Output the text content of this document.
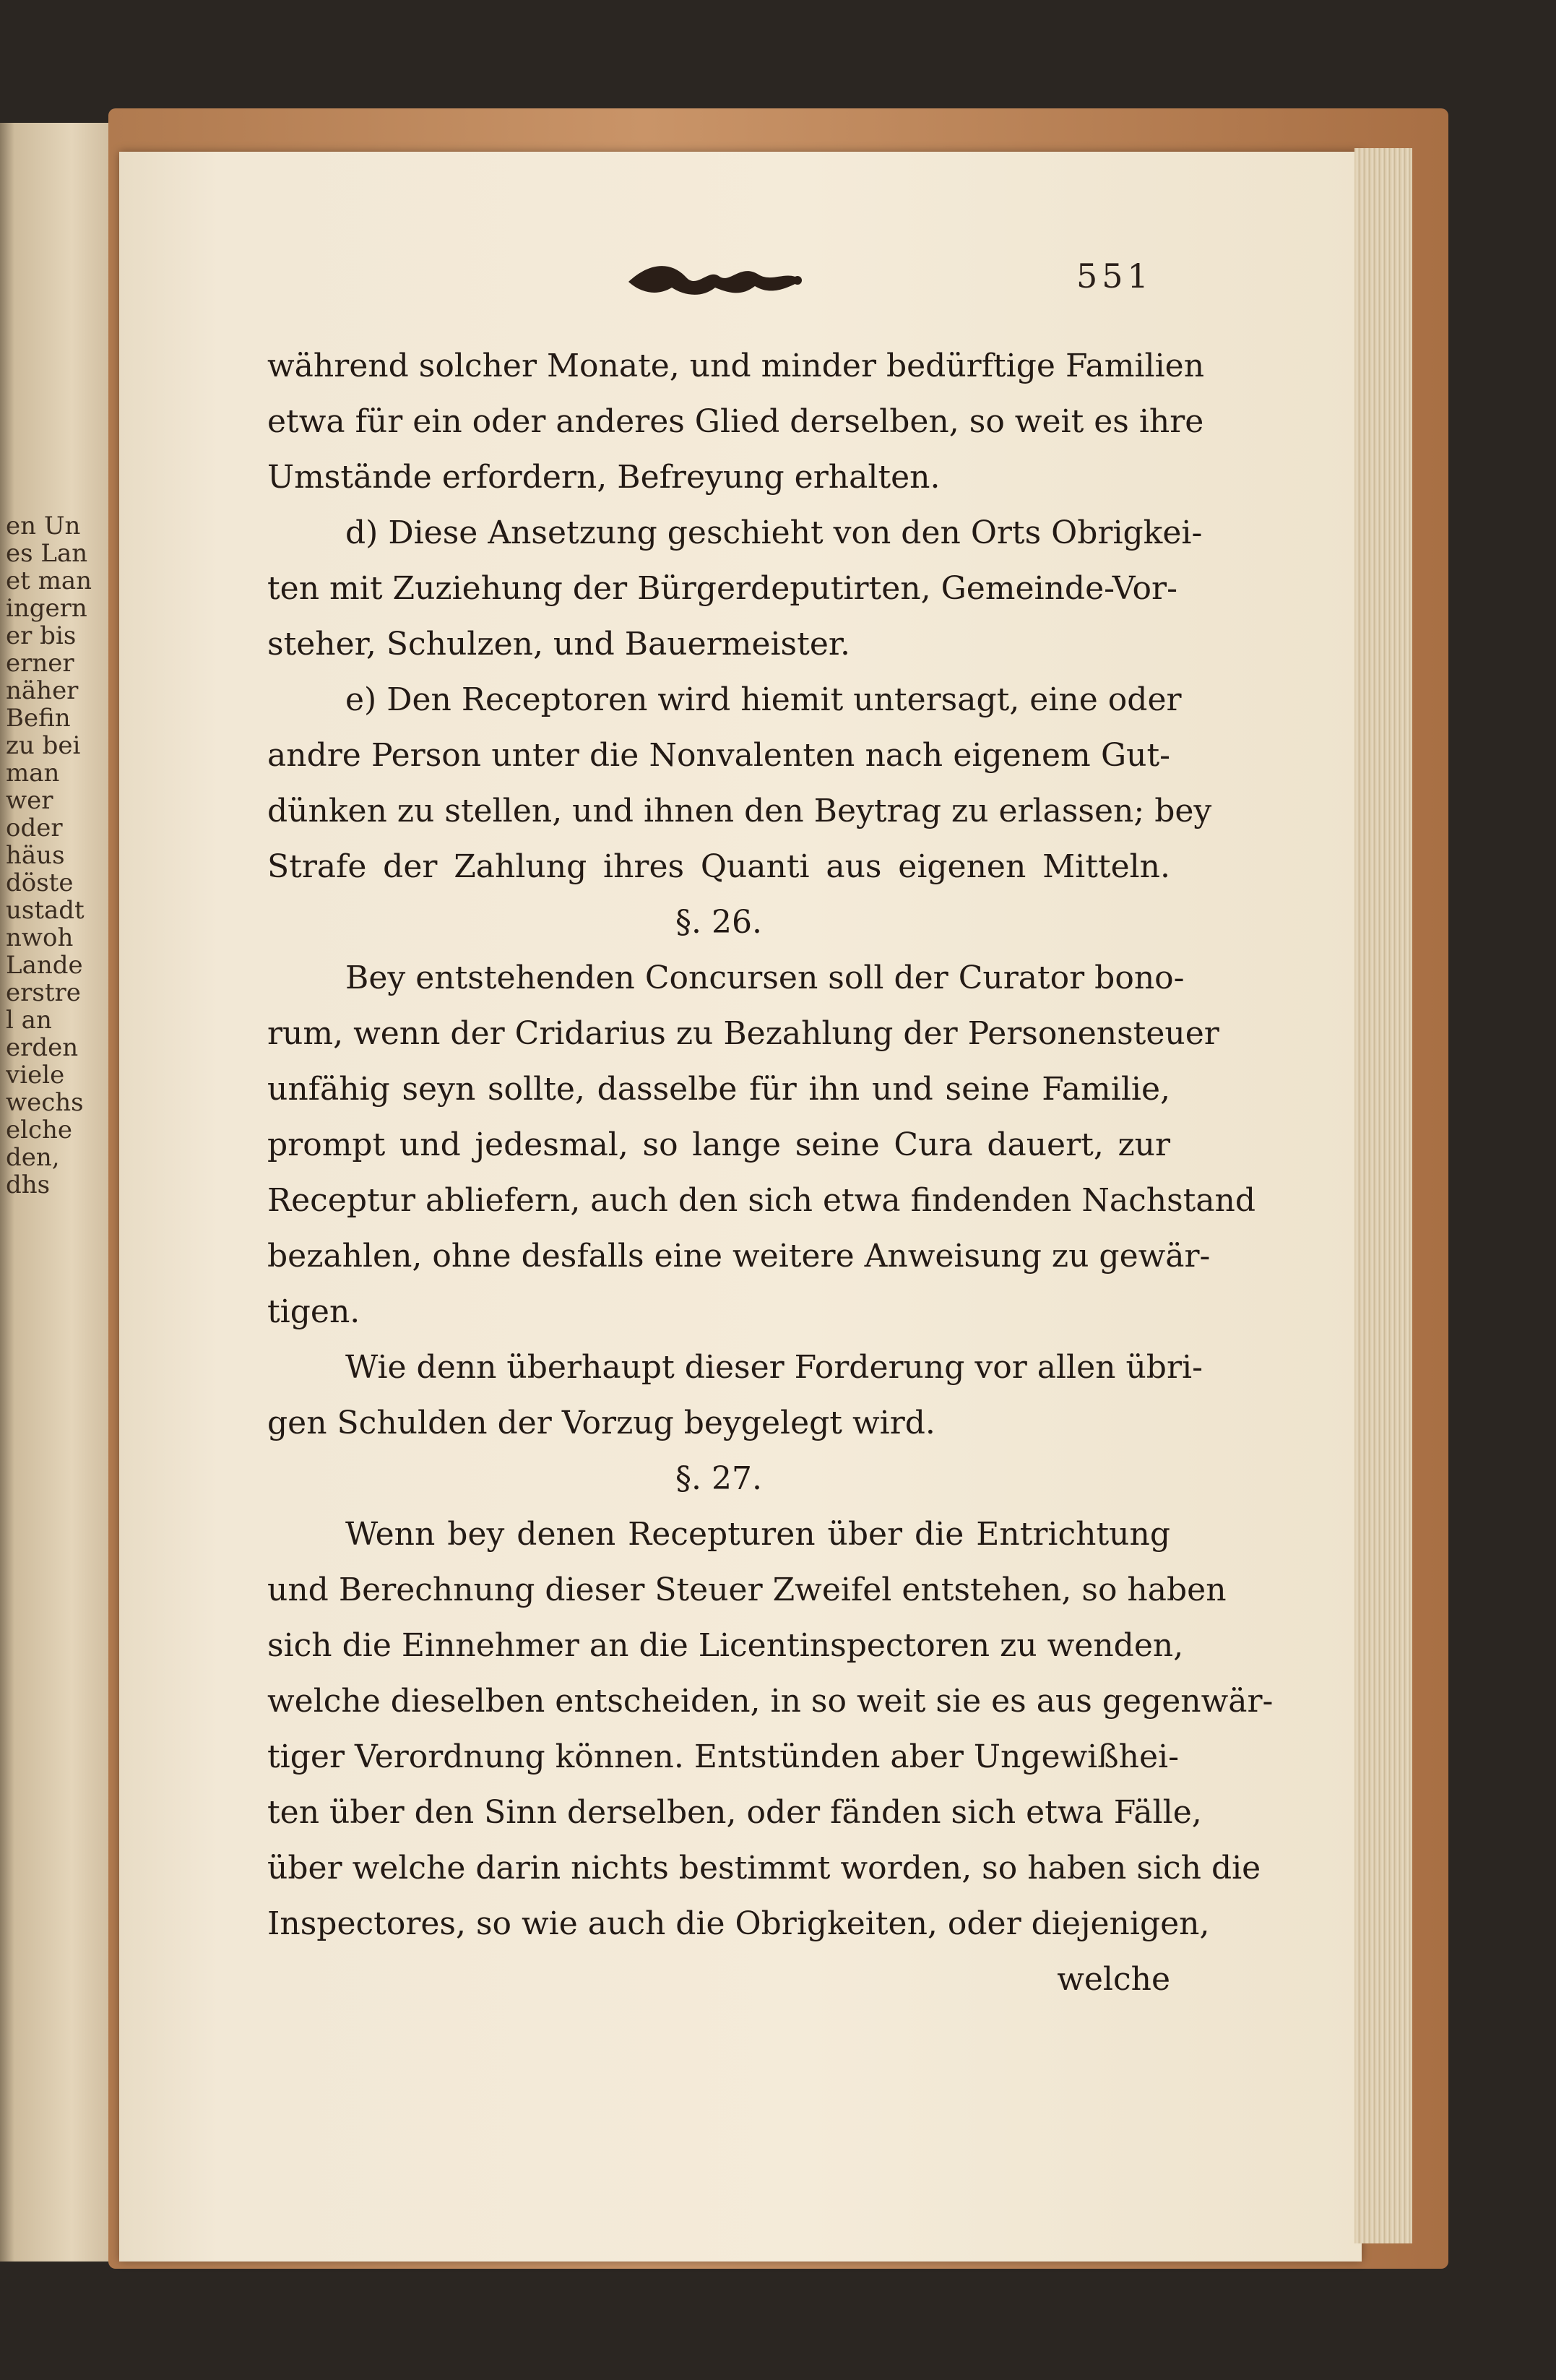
en Un
es Lan
et man
ingern
er bis
erner
näher
Befin
zu bei
man
wer
oder
häus
döste
ustadt
nwoh
Lande
erstre
l an
erden
viele
wechs
elche
den,
dhs
551
während solcher Monate, und minder bedürftige Familien
etwa für ein oder anderes Glied derselben, so weit es ihre
Umstände erfordern, Befreyung erhalten.
d) Diese Ansetzung geschieht von den Orts Obrigkei-
ten mit Zuziehung der Bürgerdeputirten, Gemeinde-Vor-
steher, Schulzen, und Bauermeister.
e) Den Receptoren wird hiemit untersagt, eine oder
andre Person unter die Nonvalenten nach eigenem Gut-
dünken zu stellen, und ihnen den Beytrag zu erlassen; bey
Strafe der Zahlung ihres Quanti aus eigenen Mitteln.
§. 26.
Bey entstehenden Concursen soll der Curator bono-
rum, wenn der Cridarius zu Bezahlung der Personensteuer
unfähig seyn sollte, dasselbe für ihn und seine Familie,
prompt und jedesmal, so lange seine Cura dauert, zur
Receptur abliefern, auch den sich etwa findenden Nachstand
bezahlen, ohne desfalls eine weitere Anweisung zu gewär-
tigen.
Wie denn überhaupt dieser Forderung vor allen übri-
gen Schulden der Vorzug beygelegt wird.
§. 27.
Wenn bey denen Recepturen über die Entrichtung
und Berechnung dieser Steuer Zweifel entstehen, so haben
sich die Einnehmer an die Licentinspectoren zu wenden,
welche dieselben entscheiden, in so weit sie es aus gegenwär-
tiger Verordnung können. Entstünden aber Ungewißhei-
ten über den Sinn derselben, oder fänden sich etwa Fälle,
über welche darin nichts bestimmt worden, so haben sich die
Inspectores, so wie auch die Obrigkeiten, oder diejenigen,
welche
